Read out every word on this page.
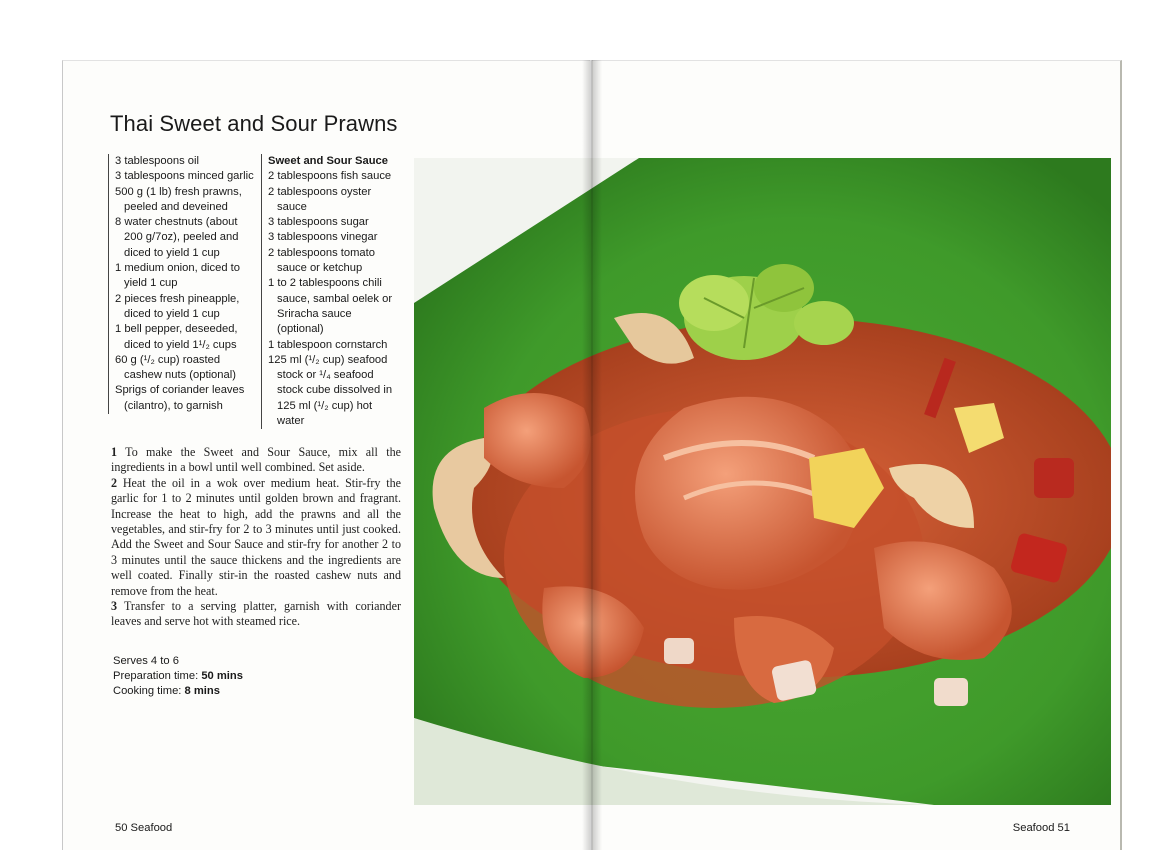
Thai Sweet and Sour Prawns
3 tablespoons oil
3 tablespoons minced garlic
500 g (1 lb) fresh prawns, peeled and deveined
8 water chestnuts (about 200 g/7oz), peeled and diced to yield 1 cup
1 medium onion, diced to yield 1 cup
2 pieces fresh pineapple, diced to yield 1 cup
1 bell pepper, deseeded, diced to yield 1¹/₂ cups
60 g (¹/₂ cup) roasted cashew nuts (optional)
Sprigs of coriander leaves (cilantro), to garnish
Sweet and Sour Sauce
2 tablespoons fish sauce
2 tablespoons oyster sauce
3 tablespoons sugar
3 tablespoons vinegar
2 tablespoons tomato sauce or ketchup
1 to 2 tablespoons chili sauce, sambal oelek or Sriracha sauce (optional)
1 tablespoon cornstarch
125 ml (¹/₂ cup) seafood stock or ¹/₄ seafood stock cube dissolved in 125 ml (¹/₂ cup) hot water
1 To make the Sweet and Sour Sauce, mix all the ingredients in a bowl until well combined. Set aside.
2 Heat the oil in a wok over medium heat. Stir-fry the garlic for 1 to 2 minutes until golden brown and fragrant. Increase the heat to high, add the prawns and all the vegetables, and stir-fry for 2 to 3 minutes until just cooked. Add the Sweet and Sour Sauce and stir-fry for another 2 to 3 minutes until the sauce thickens and the ingredients are well coated. Finally stir-in the roasted cashew nuts and remove from the heat.
3 Transfer to a serving platter, garnish with coriander leaves and serve hot with steamed rice.
Serves 4 to 6
Preparation time: 50 mins
Cooking time: 8 mins
50 Seafood	Seafood 51
